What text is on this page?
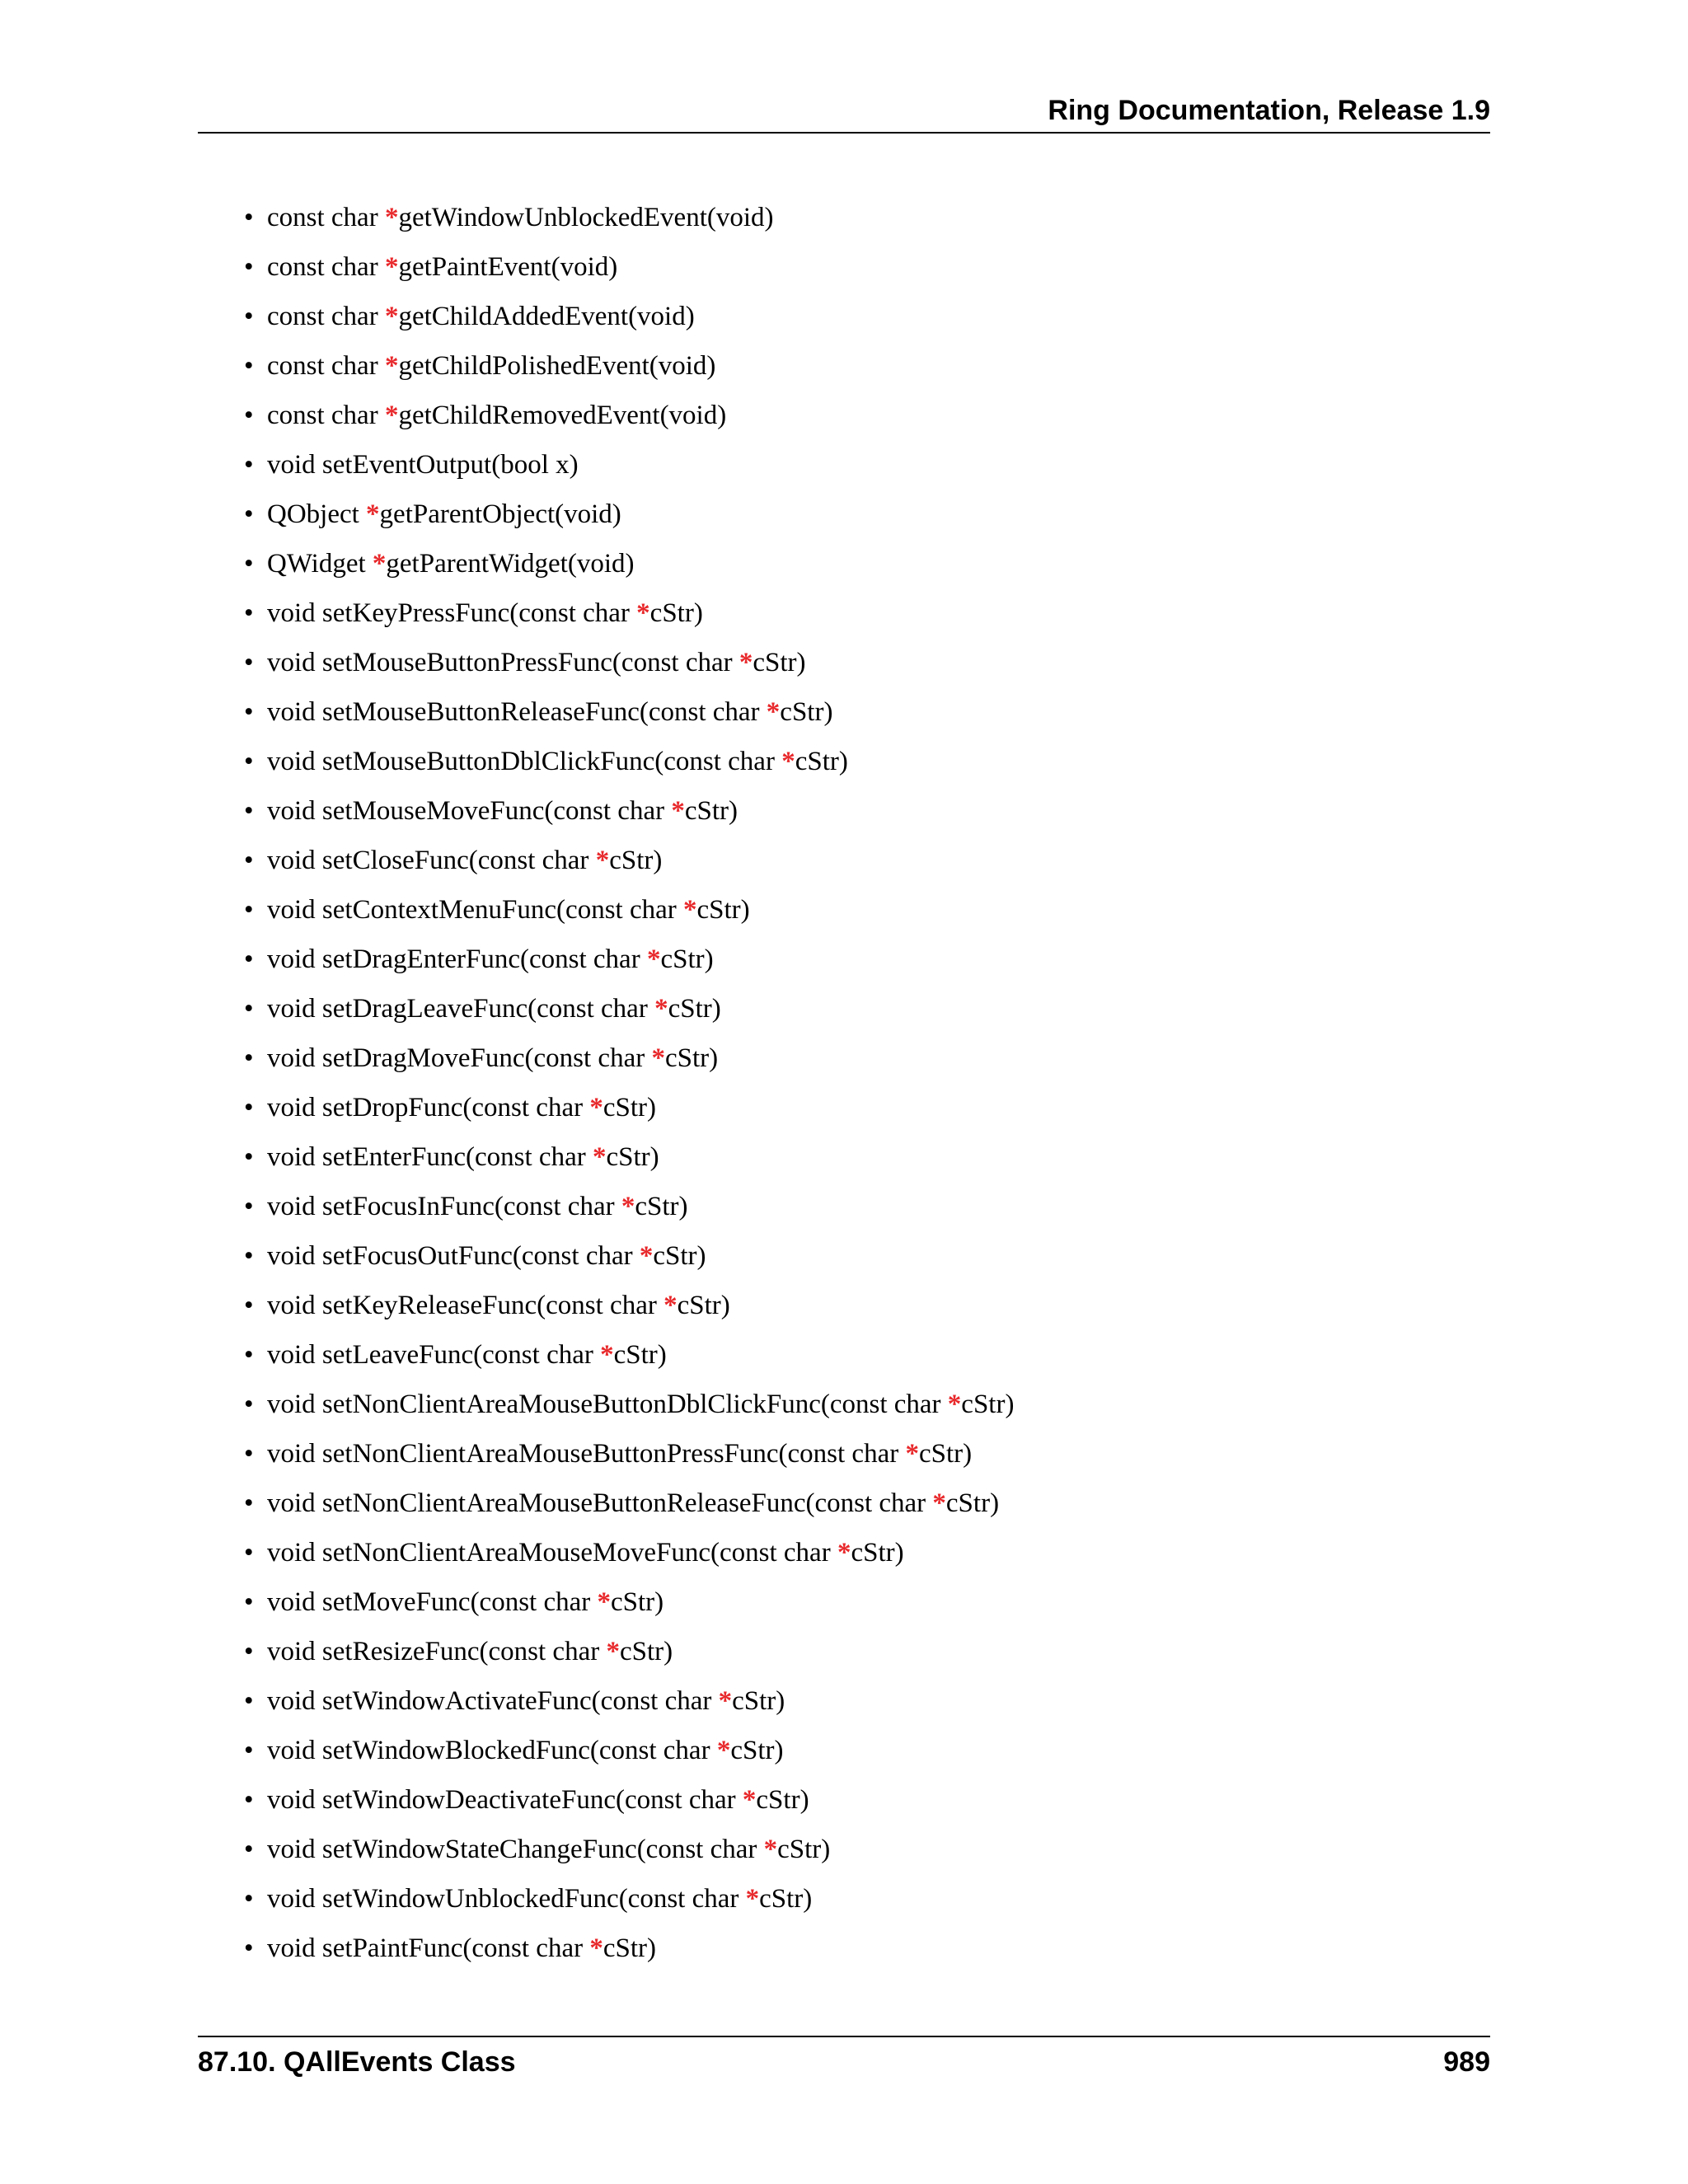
Ring Documentation, Release 1.9
• const char *getWindowUnblockedEvent(void)
• const char *getPaintEvent(void)
• const char *getChildAddedEvent(void)
• const char *getChildPolishedEvent(void)
• const char *getChildRemovedEvent(void)
• void setEventOutput(bool x)
• QObject *getParentObject(void)
• QWidget *getParentWidget(void)
• void setKeyPressFunc(const char *cStr)
• void setMouseButtonPressFunc(const char *cStr)
• void setMouseButtonReleaseFunc(const char *cStr)
• void setMouseButtonDblClickFunc(const char *cStr)
• void setMouseMoveFunc(const char *cStr)
• void setCloseFunc(const char *cStr)
• void setContextMenuFunc(const char *cStr)
• void setDragEnterFunc(const char *cStr)
• void setDragLeaveFunc(const char *cStr)
• void setDragMoveFunc(const char *cStr)
• void setDropFunc(const char *cStr)
• void setEnterFunc(const char *cStr)
• void setFocusInFunc(const char *cStr)
• void setFocusOutFunc(const char *cStr)
• void setKeyReleaseFunc(const char *cStr)
• void setLeaveFunc(const char *cStr)
• void setNonClientAreaMouseButtonDblClickFunc(const char *cStr)
• void setNonClientAreaMouseButtonPressFunc(const char *cStr)
• void setNonClientAreaMouseButtonReleaseFunc(const char *cStr)
• void setNonClientAreaMouseMoveFunc(const char *cStr)
• void setMoveFunc(const char *cStr)
• void setResizeFunc(const char *cStr)
• void setWindowActivateFunc(const char *cStr)
• void setWindowBlockedFunc(const char *cStr)
• void setWindowDeactivateFunc(const char *cStr)
• void setWindowStateChangeFunc(const char *cStr)
• void setWindowUnblockedFunc(const char *cStr)
• void setPaintFunc(const char *cStr)
87.10. QAllEvents Class	989
